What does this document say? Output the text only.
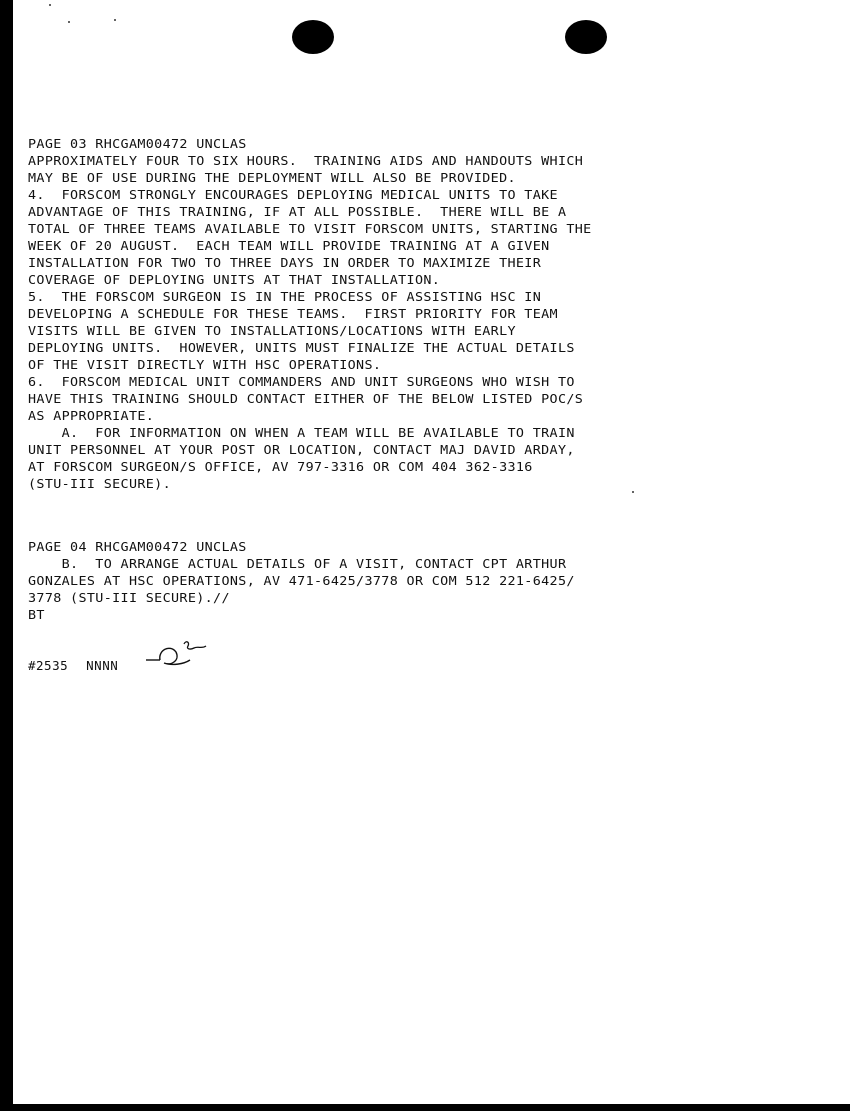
PAGE 03 RHCGAM00472 UNCLAS
APPROXIMATELY FOUR TO SIX HOURS.  TRAINING AIDS AND HANDOUTS WHICH
MAY BE OF USE DURING THE DEPLOYMENT WILL ALSO BE PROVIDED.
4.  FORSCOM STRONGLY ENCOURAGES DEPLOYING MEDICAL UNITS TO TAKE
ADVANTAGE OF THIS TRAINING, IF AT ALL POSSIBLE.  THERE WILL BE A
TOTAL OF THREE TEAMS AVAILABLE TO VISIT FORSCOM UNITS, STARTING THE
WEEK OF 20 AUGUST.  EACH TEAM WILL PROVIDE TRAINING AT A GIVEN
INSTALLATION FOR TWO TO THREE DAYS IN ORDER TO MAXIMIZE THEIR
COVERAGE OF DEPLOYING UNITS AT THAT INSTALLATION.
5.  THE FORSCOM SURGEON IS IN THE PROCESS OF ASSISTING HSC IN
DEVELOPING A SCHEDULE FOR THESE TEAMS.  FIRST PRIORITY FOR TEAM
VISITS WILL BE GIVEN TO INSTALLATIONS/LOCATIONS WITH EARLY
DEPLOYING UNITS.  HOWEVER, UNITS MUST FINALIZE THE ACTUAL DETAILS
OF THE VISIT DIRECTLY WITH HSC OPERATIONS.
6.  FORSCOM MEDICAL UNIT COMMANDERS AND UNIT SURGEONS WHO WISH TO
HAVE THIS TRAINING SHOULD CONTACT EITHER OF THE BELOW LISTED POC/S
AS APPROPRIATE.
A.  FOR INFORMATION ON WHEN A TEAM WILL BE AVAILABLE TO TRAIN
UNIT PERSONNEL AT YOUR POST OR LOCATION, CONTACT MAJ DAVID ARDAY,
AT FORSCOM SURGEON/S OFFICE, AV 797-3316 OR COM 404 362-3316
(STU-III SECURE).
PAGE 04 RHCGAM00472 UNCLAS
B.  TO ARRANGE ACTUAL DETAILS OF A VISIT, CONTACT CPT ARTHUR
GONZALES AT HSC OPERATIONS, AV 471-6425/3778 OR COM 512 221-6425/
3778 (STU-III SECURE).//
BT
#2535 NNNN
